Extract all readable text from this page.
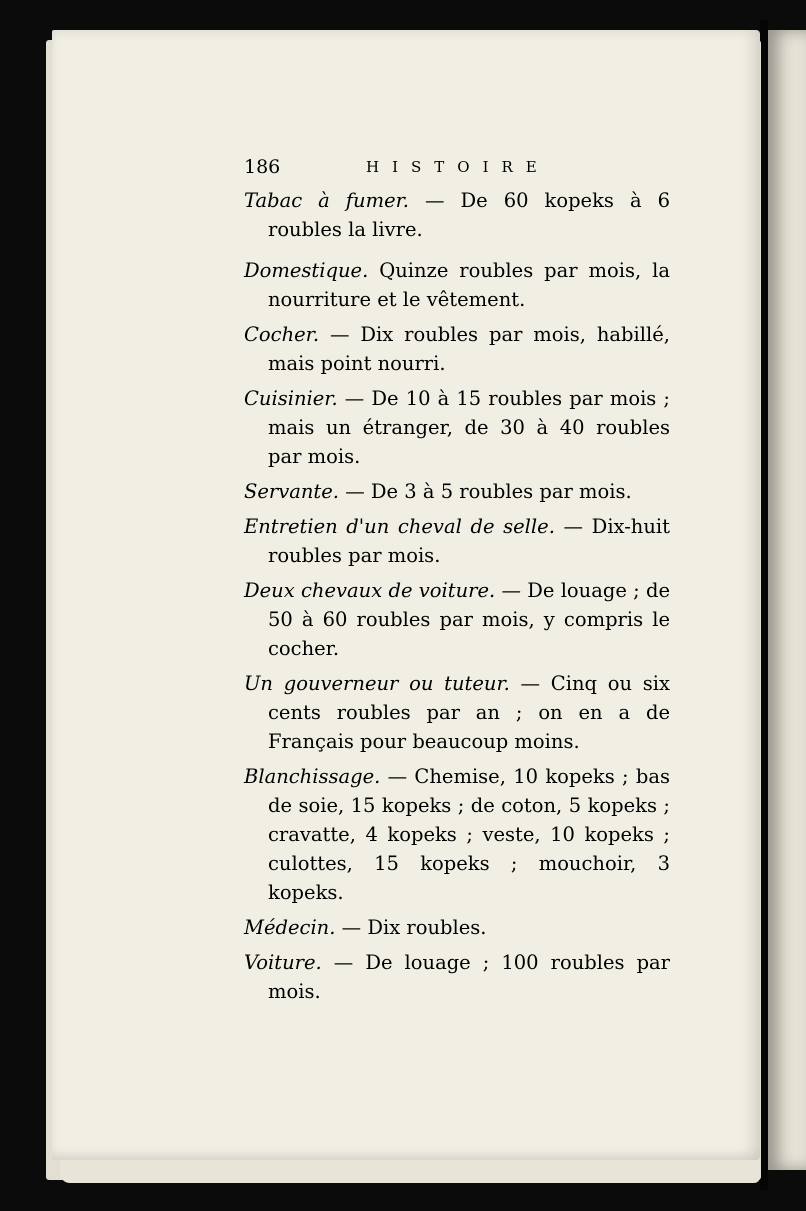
186	HISTOIRE

Tabac à fumer. — De 60 kopeks à 6 roubles la livre.

Domestique. Quinze roubles par mois, la nourriture et le vêtement.

Cocher. — Dix roubles par mois, habillé, mais point nourri.

Cuisinier. — De 10 à 15 roubles par mois ; mais un étranger, de 30 à 40 roubles par mois.

Servante. — De 3 à 5 roubles par mois.

Entretien d'un cheval de selle. — Dix-huit roubles par mois.

Deux chevaux de voiture. — De louage ; de 50 à 60 roubles par mois, y compris le cocher.

Un gouverneur ou tuteur. — Cinq ou six cents roubles par an ; on en a de Français pour beaucoup moins.

Blanchissage. — Chemise, 10 kopeks ; bas de soie, 15 kopeks ; de coton, 5 kopeks ; cravatte, 4 kopeks ; veste, 10 kopeks ; culottes, 15 kopeks ; mouchoir, 3 kopeks.

Médecin. — Dix roubles.

Voiture. — De louage ; 100 roubles par mois.
